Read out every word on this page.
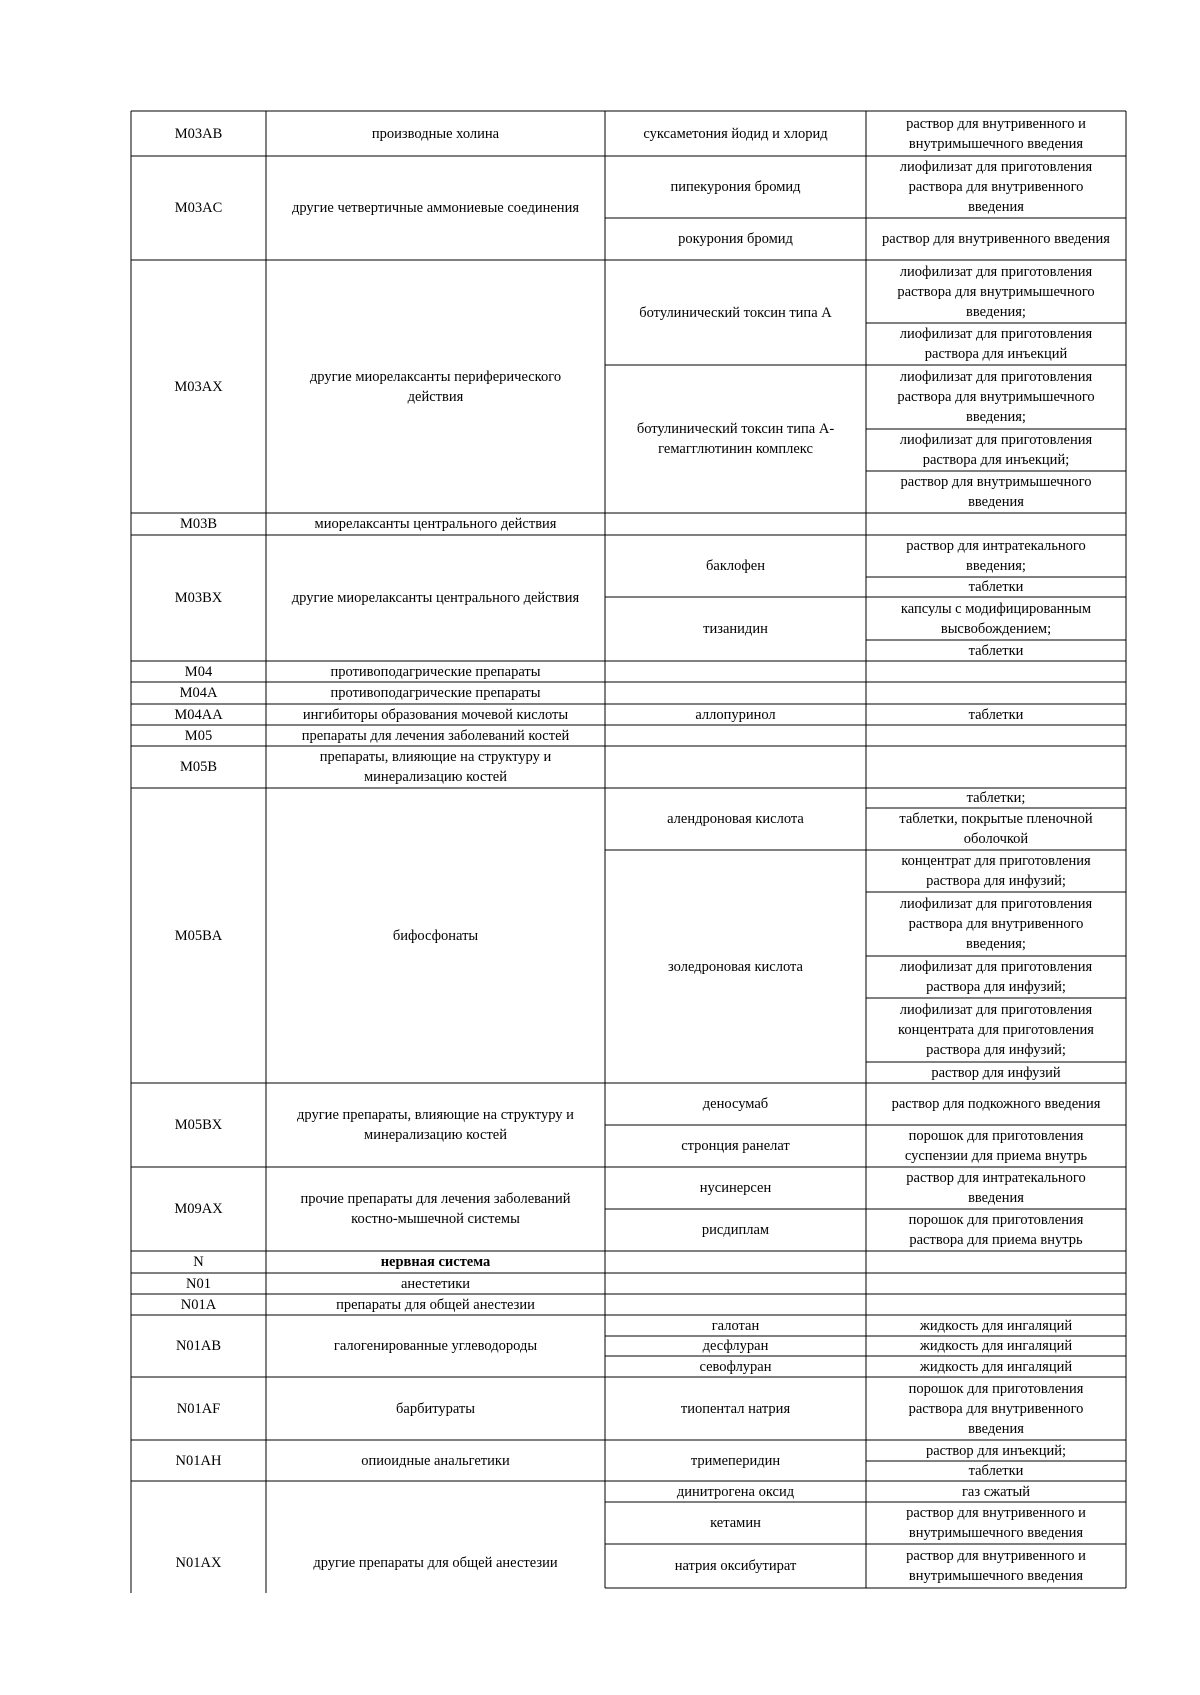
M03AB
M03AC
M03AX
M03B
M03BX
M04
M04A
M04AA
M05
M05B
M05BA
M05BX
M09AX
N
N01
N01A
N01AB
N01AF
N01AH
N01AX
производные холина
другие четвертичные аммониевые соединения
другие миорелаксанты периферического
действия
миорелаксанты центрального действия
другие миорелаксанты центрального действия
противоподагрические препараты
противоподагрические препараты
ингибиторы образования мочевой кислоты
препараты для лечения заболеваний костей
препараты, влияющие на структуру и
минерализацию костей
бифосфонаты
другие препараты, влияющие на структуру и
минерализацию костей
прочие препараты для лечения заболеваний
костно-мышечной системы
нервная система
анестетики
препараты для общей анестезии
галогенированные углеводороды
барбитураты
опиоидные анальгетики
другие препараты для общей анестезии
суксаметония йодид и хлорид
пипекурония бромид
рокурония бромид
ботулинический токсин типа А
ботулинический токсин типа А-
гемагглютинин комплекс
баклофен
тизанидин
аллопуринол
алендроновая кислота
золедроновая кислота
деносумаб
стронция ранелат
нусинерсен
рисдиплам
галотан
десфлуран
севофлуран
тиопентал натрия
тримеперидин
динитрогена оксид
кетамин
натрия оксибутират
раствор для внутривенного и
внутримышечного введения
лиофилизат для приготовления
раствора для внутривенного
введения
раствор для внутривенного введения
лиофилизат для приготовления
раствора для внутримышечного
введения;
лиофилизат для приготовления
раствора для инъекций
лиофилизат для приготовления
раствора для внутримышечного
введения;
лиофилизат для приготовления
раствора для инъекций;
раствор для внутримышечного
введения
раствор для интратекального
введения;
таблетки
капсулы с модифицированным
высвобождением;
таблетки
таблетки
таблетки;
таблетки, покрытые пленочной
оболочкой
концентрат для приготовления
раствора для инфузий;
лиофилизат для приготовления
раствора для внутривенного
введения;
лиофилизат для приготовления
раствора для инфузий;
лиофилизат для приготовления
концентрата для приготовления
раствора для инфузий;
раствор для инфузий
раствор для подкожного введения
порошок для приготовления
суспензии для приема внутрь
раствор для интратекального
введения
порошок для приготовления
раствора для приема внутрь
жидкость для ингаляций
жидкость для ингаляций
жидкость для ингаляций
порошок для приготовления
раствора для внутривенного
введения
раствор для инъекций;
таблетки
газ сжатый
раствор для внутривенного и
внутримышечного введения
раствор для внутривенного и
внутримышечного введения
